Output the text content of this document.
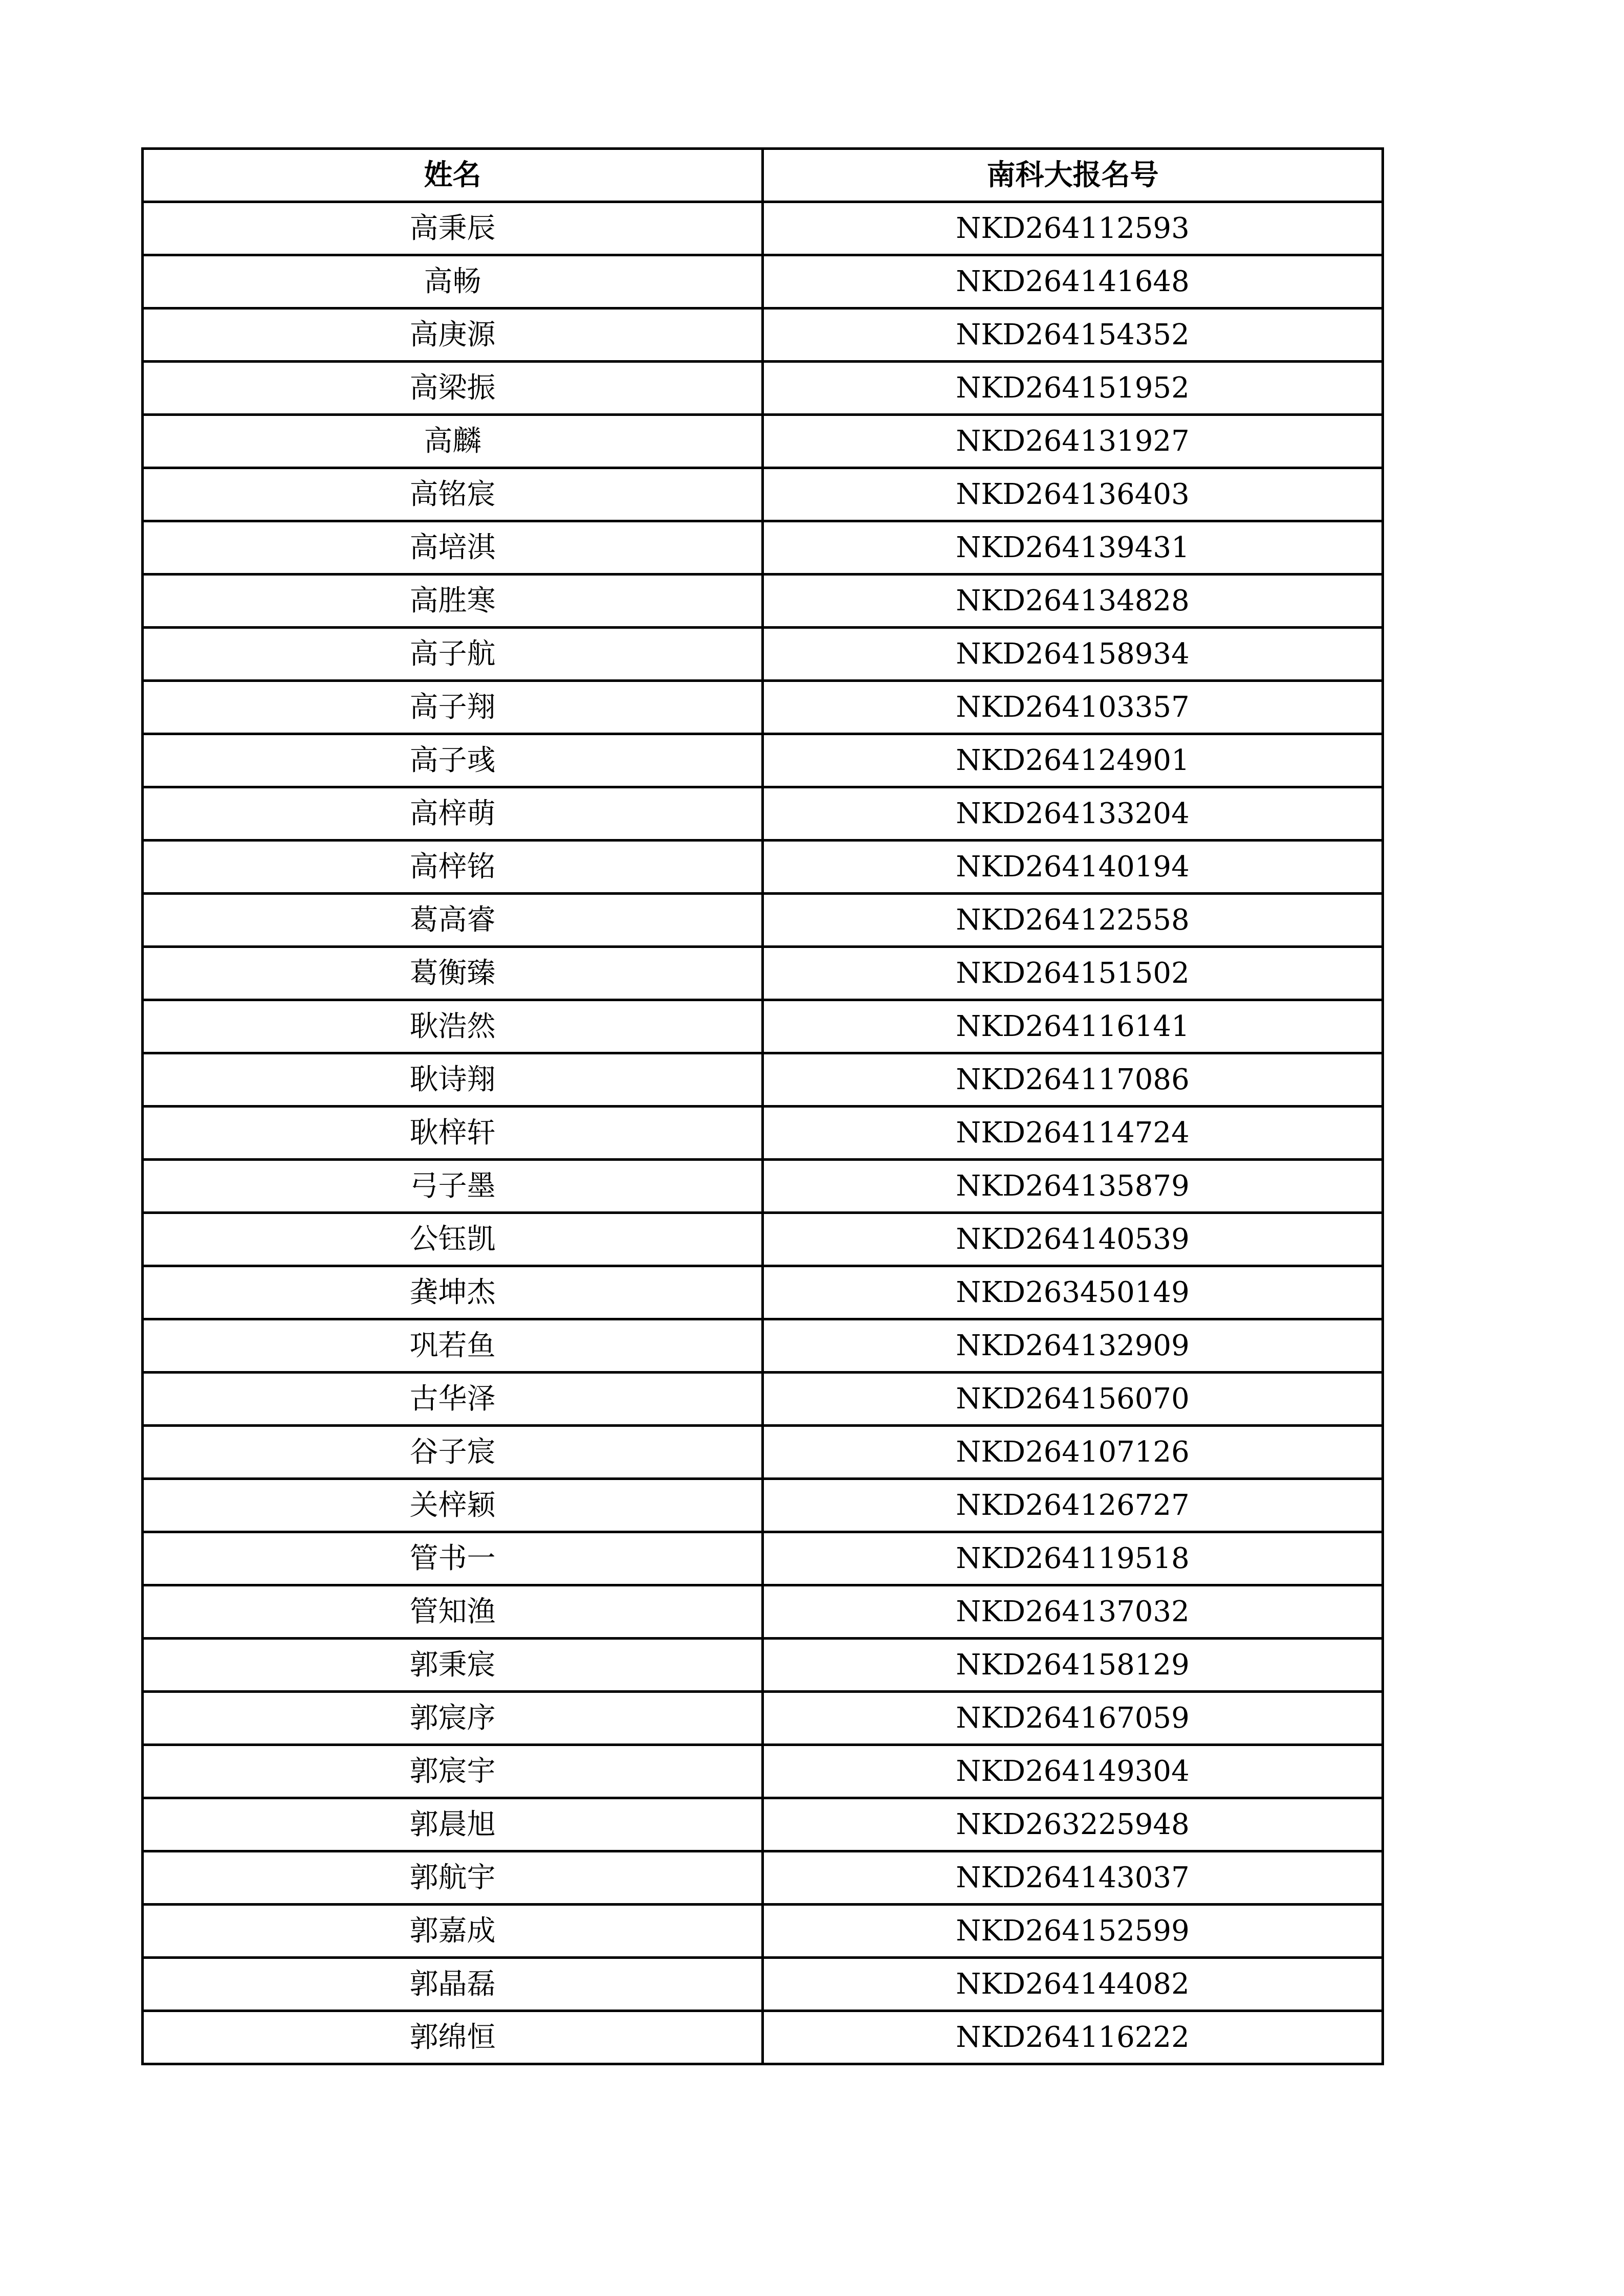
姓名	南科大报名号
高秉辰	NKD264112593
高畅	NKD264141648
高庚源	NKD264154352
高梁振	NKD264151952
高麟	NKD264131927
高铭宸	NKD264136403
高培淇	NKD264139431
高胜寒	NKD264134828
高子航	NKD264158934
高子翔	NKD264103357
高子彧	NKD264124901
高梓萌	NKD264133204
高梓铭	NKD264140194
葛高睿	NKD264122558
葛衡臻	NKD264151502
耿浩然	NKD264116141
耿诗翔	NKD264117086
耿梓轩	NKD264114724
弓子墨	NKD264135879
公钰凯	NKD264140539
龚坤杰	NKD263450149
巩若鱼	NKD264132909
古华泽	NKD264156070
谷子宸	NKD264107126
关梓颖	NKD264126727
管书一	NKD264119518
管知渔	NKD264137032
郭秉宸	NKD264158129
郭宸序	NKD264167059
郭宸宇	NKD264149304
郭晨旭	NKD263225948
郭航宇	NKD264143037
郭嘉成	NKD264152599
郭晶磊	NKD264144082
郭绵恒	NKD264116222
